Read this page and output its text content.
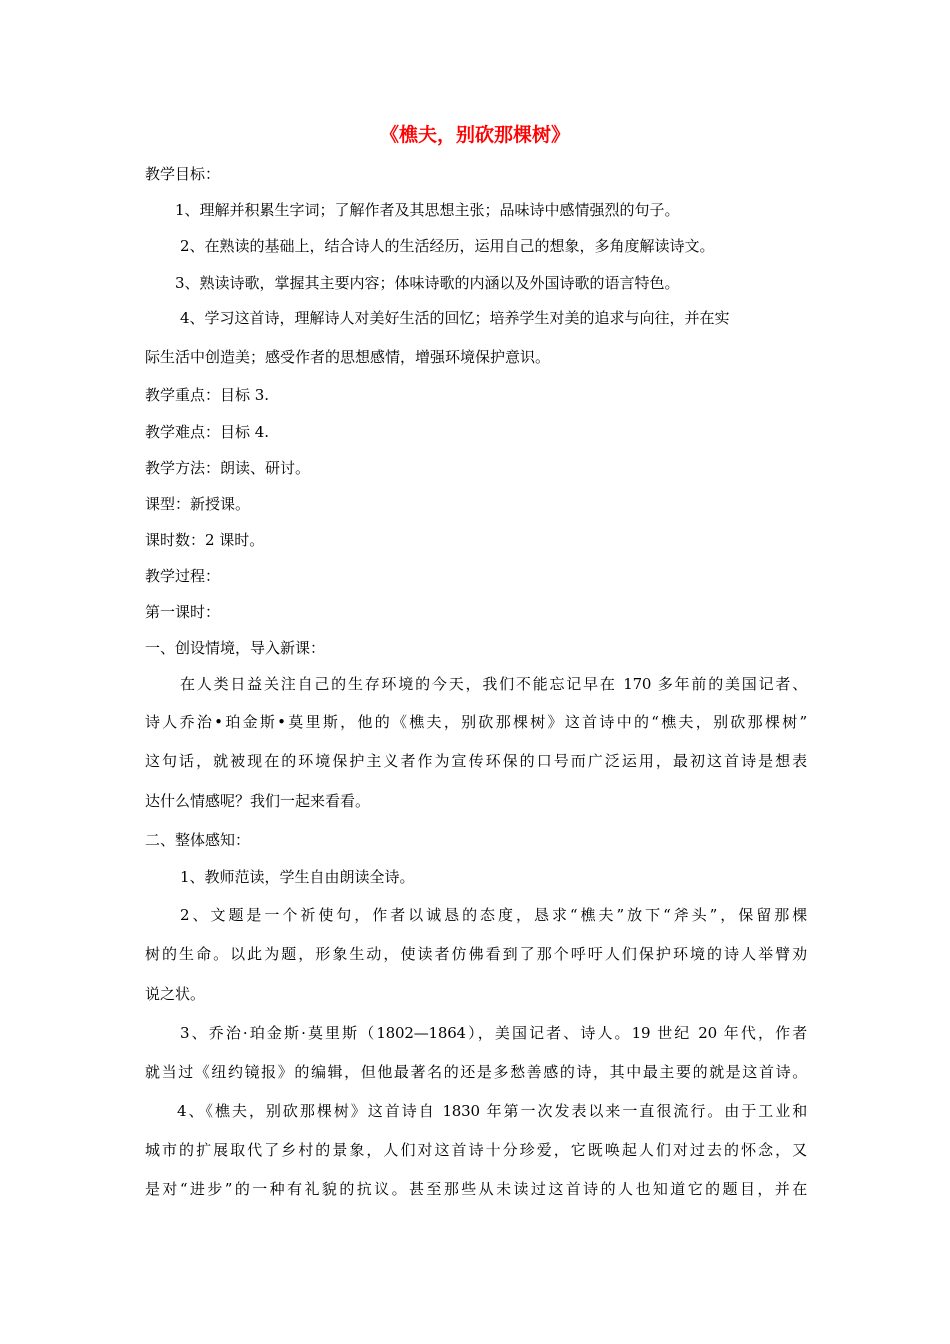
《樵夫，别砍那棵树》
教学目标：
1、理解并积累生字词；了解作者及其思想主张；品味诗中感情强烈的句子。
2、在熟读的基础上，结合诗人的生活经历，运用自己的想象，多角度解读诗文。
3、熟读诗歌，掌握其主要内容；体味诗歌的内涵以及外国诗歌的语言特色。
4、学习这首诗，理解诗人对美好生活的回忆；培养学生对美的追求与向往，并在实
际生活中创造美；感受作者的思想感情，增强环境保护意识。
教学重点：目标 3.
教学难点：目标 4.
教学方法：朗读、研讨。
课型：新授课。
课时数：2 课时。
教学过程：
第一课时：
一、创设情境，导入新课：
在人类日益关注自己的生存环境的今天，我们不能忘记早在 170 多年前的美国记者、
诗人乔治•珀金斯•莫里斯，他的《樵夫，别砍那棵树》这首诗中的“樵夫，别砍那棵树”
这句话，就被现在的环境保护主义者作为宣传环保的口号而广泛运用，最初这首诗是想表
达什么情感呢？我们一起来看看。
二、整体感知：
1、教师范读，学生自由朗读全诗。
2、文题是一个祈使句，作者以诚恳的态度，恳求“樵夫”放下“斧头”，保留那棵
树的生命。以此为题，形象生动，使读者仿佛看到了那个呼吁人们保护环境的诗人举臂劝
说之状。
3、乔治·珀金斯·莫里斯（1802—1864），美国记者、诗人。19 世纪 20 年代，作者
就当过《纽约镜报》的编辑，但他最著名的还是多愁善感的诗，其中最主要的就是这首诗。
4、《樵夫，别砍那棵树》这首诗自 1830 年第一次发表以来一直很流行。由于工业和
城市的扩展取代了乡村的景象，人们对这首诗十分珍爱，它既唤起人们对过去的怀念，又
是对“进步”的一种有礼貌的抗议。甚至那些从未读过这首诗的人也知道它的题目，并在
